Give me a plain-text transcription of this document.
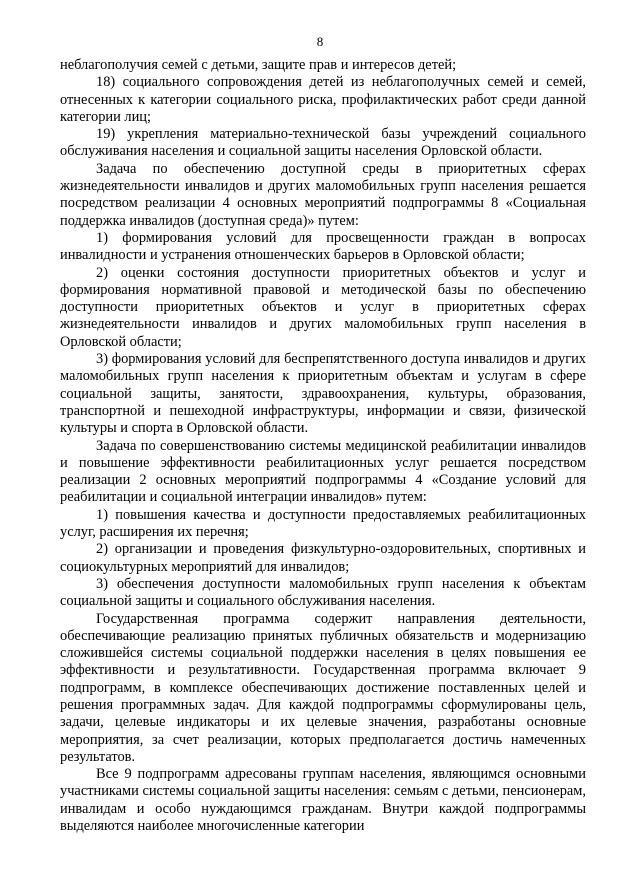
8

неблагополучия семей с детьми, защите прав и интересов детей;

18) социального сопровождения детей из неблагополучных семей и семей, отнесенных к категории социального риска, профилактических работ среди данной категории лиц;

19) укрепления материально-технической базы учреждений социального обслуживания населения и социальной защиты населения Орловской области.

Задача по обеспечению доступной среды в приоритетных сферах жизнедеятельности инвалидов и других маломобильных групп населения решается посредством реализации 4 основных мероприятий подпрограммы 8 «Социальная поддержка инвалидов (доступная среда)» путем:

1) формирования условий для просвещенности граждан в вопросах инвалидности и устранения отношенческих барьеров в Орловской области;

2) оценки состояния доступности приоритетных объектов и услуг и формирования нормативной правовой и методической базы по обеспечению доступности приоритетных объектов и услуг в приоритетных сферах жизнедеятельности инвалидов и других маломобильных групп населения в Орловской области;

3) формирования условий для беспрепятственного доступа инвалидов и других маломобильных групп населения к приоритетным объектам и услугам в сфере социальной защиты, занятости, здравоохранения, культуры, образования, транспортной и пешеходной инфраструктуры, информации и связи, физической культуры и спорта в Орловской области.

Задача по совершенствованию системы медицинской реабилитации инвалидов и повышение эффективности реабилитационных услуг решается посредством реализации 2 основных мероприятий подпрограммы 4 «Создание условий для реабилитации и социальной интеграции инвалидов» путем:

1) повышения качества и доступности предоставляемых реабилитационных услуг, расширения их перечня;

2) организации и проведения физкультурно-оздоровительных, спортивных и социокультурных мероприятий для инвалидов;

3) обеспечения доступности маломобильных групп населения к объектам социальной защиты и социального обслуживания населения.

Государственная программа содержит направления деятельности, обеспечивающие реализацию принятых публичных обязательств и модернизацию сложившейся системы социальной поддержки населения в целях повышения ее эффективности и результативности. Государственная программа включает 9 подпрограмм, в комплексе обеспечивающих достижение поставленных целей и решения программных задач. Для каждой подпрограммы сформулированы цель, задачи, целевые индикаторы и их целевые значения, разработаны основные мероприятия, за счет реализации, которых предполагается достичь намеченных результатов.

Все 9 подпрограмм адресованы группам населения, являющимся основными участниками системы социальной защиты населения: семьям с детьми, пенсионерам, инвалидам и особо нуждающимся гражданам. Внутри каждой подпрограммы выделяются наиболее многочисленные категории
